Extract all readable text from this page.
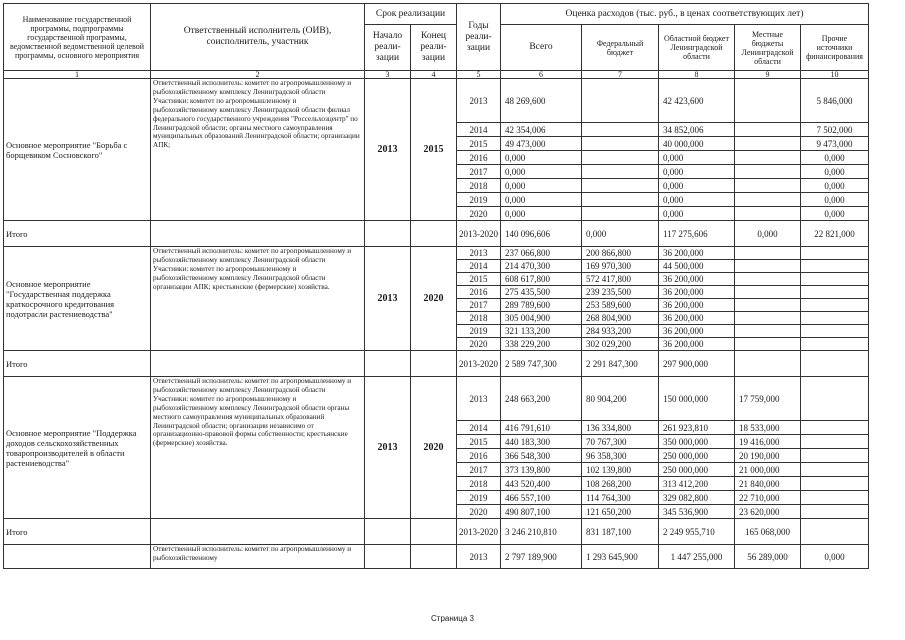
Наименование государственной программы, подпрограммы государственной программы, ведомственной ведомственной целевой программы, основного мероприятия	Ответственный исполнитель (ОИВ), соисполнитель, участник	Срок реализации		Годы реали-зации	Оценка расходов (тыс. руб., в ценах соответствующих лет)				
		Начало реали-зации	Конец реали-зации		Всего	Федеральный бюджет	Областной бюджет Ленинградской области	Местные бюджеты Ленинградской области	Прочие источники финансирования
1	2	3	4	5	6	7	8	9	10
Основное мероприятие "Борьба с борщевиком Сосновского"	Ответственный исполнитель: комитет по агропромышленному и рыбохозяйственному комплексу Ленинградской области Участники: комитет по агропромышленному и рыбохозяйственному комплексу Ленинградской области филиал федерального государственного учреждения "Россельхозцентр" по Ленинградской области; органы местного самоуправления муниципальных образований Ленинградской области; организации АПК;	2013	2015	2013	48 269,600		42 423,600		5 846,000
				2014	42 354,006		34 852,006		7 502,000
				2015	49 473,000		40 000,000		9 473,000
				2016	0,000		0,000		0,000
				2017	0,000		0,000		0,000
				2018	0,000		0,000		0,000
				2019	0,000		0,000		0,000
				2020	0,000		0,000		0,000
Итого				2013-2020	140 096,606	0,000	117 275,606	0,000	22 821,000
Основное мероприятие "Государственная поддержка краткосрочного кредитования подотрасли растениеводства"	Ответственный исполнитель: комитет по агропромышленному и рыбохозяйственному комплексу Ленинградской области Участники: комитет по агропромышленному и рыбохозяйственному комплексу Ленинградской области организации АПК; крестьянские (фермерские) хозяйства.	2013	2020	2013	237 066,800	200 866,800	36 200,000		
				2014	214 470,300	169 970,300	44 500,000		
				2015	608 617,800	572 417,800	36 200,000		
				2016	275 435,500	239 235,500	36 200,000		
				2017	289 789,600	253 589,600	36 200,000		
				2018	305 004,900	268 804,900	36 200,000		
				2019	321 133,200	284 933,200	36 200,000		
				2020	338 229,200	302 029,200	36 200,000		
Итого				2013-2020	2 589 747,300	2 291 847,300	297 900,000		
Основное мероприятие "Поддержка доходов сельскохозяйственных товаропроизводителей в области растениеводства"	Ответственный исполнитель: комитет по агропромышленному и рыбохозяйственному комплексу Ленинградской области Участники: комитет по агропромышленному и рыбохозяйственному комплексу Ленинградской области органы местного самоуправления муниципальных образований Ленинградской области; организации независимо от организационно-правовой формы собственности; крестьянские (фермерские) хозяйства.	2013	2020	2013	248 663,200	80 904,200	150 000,000	17 759,000	
				2014	416 791,610	136 334,800	261 923,810	18 533,000	
				2015	440 183,300	70 767,300	350 000,000	19 416,000	
				2016	366 548,300	96 358,300	250 000,000	20 190,000	
				2017	373 139,800	102 139,800	250 000,000	21 000,000	
				2018	443 520,400	108 268,200	313 412,200	21 840,000	
				2019	466 557,100	114 764,300	329 082,800	22 710,000	
				2020	490 807,100	121 650,200	345 536,900	23 620,000	
Итого				2013-2020	3 246 210,810	831 187,100	2 249 955,710	165 068,000	
	Ответственный исполнитель: комитет по агропромышленному и рыбохозяйственному			2013	2 797 189,900	1 293 645,900	1 447 255,000	56 289,000	0,000
Страница 3
